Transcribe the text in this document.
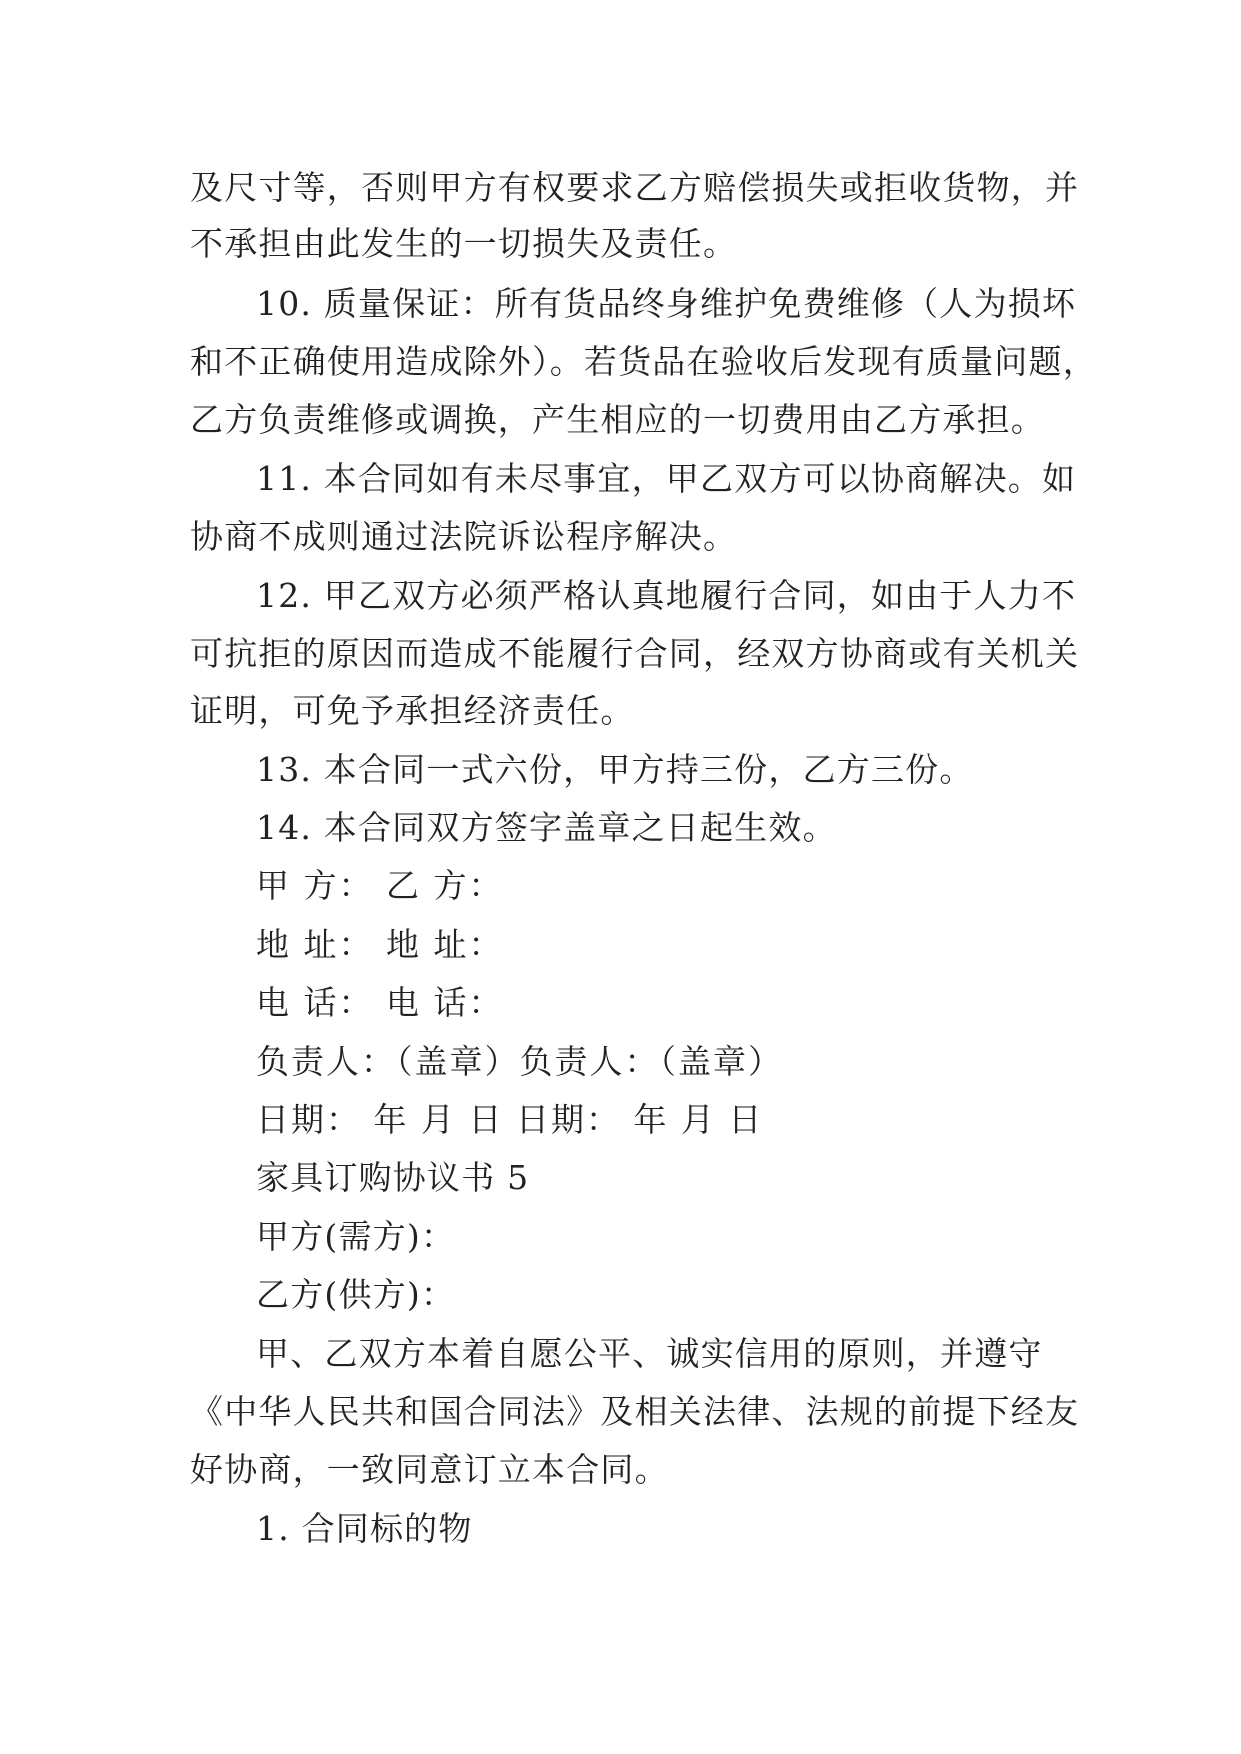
及尺寸等，否则甲方有权要求乙方赔偿损失或拒收货物，并
不承担由此发生的一切损失及责任。
10. 质量保证：所有货品终身维护免费维修（人为损坏
和不正确使用造成除外）。若货品在验收后发现有质量问题，
乙方负责维修或调换，产生相应的一切费用由乙方承担。
11. 本合同如有未尽事宜，甲乙双方可以协商解决。如
协商不成则通过法院诉讼程序解决。
12. 甲乙双方必须严格认真地履行合同，如由于人力不
可抗拒的原因而造成不能履行合同，经双方协商或有关机关
证明，可免予承担经济责任。
13. 本合同一式六份，甲方持三份，乙方三份。
14. 本合同双方签字盖章之日起生效。
甲 方： 乙 方：
地 址： 地 址：
电 话： 电 话：
负责人：（盖章）负责人：（盖章）
日期： 年 月 日 日期： 年 月 日
家具订购协议书 5
甲方(需方)：
乙方(供方)：
甲、乙双方本着自愿公平、诚实信用的原则，并遵守
《中华人民共和国合同法》及相关法律、法规的前提下经友
好协商，一致同意订立本合同。
1. 合同标的物
